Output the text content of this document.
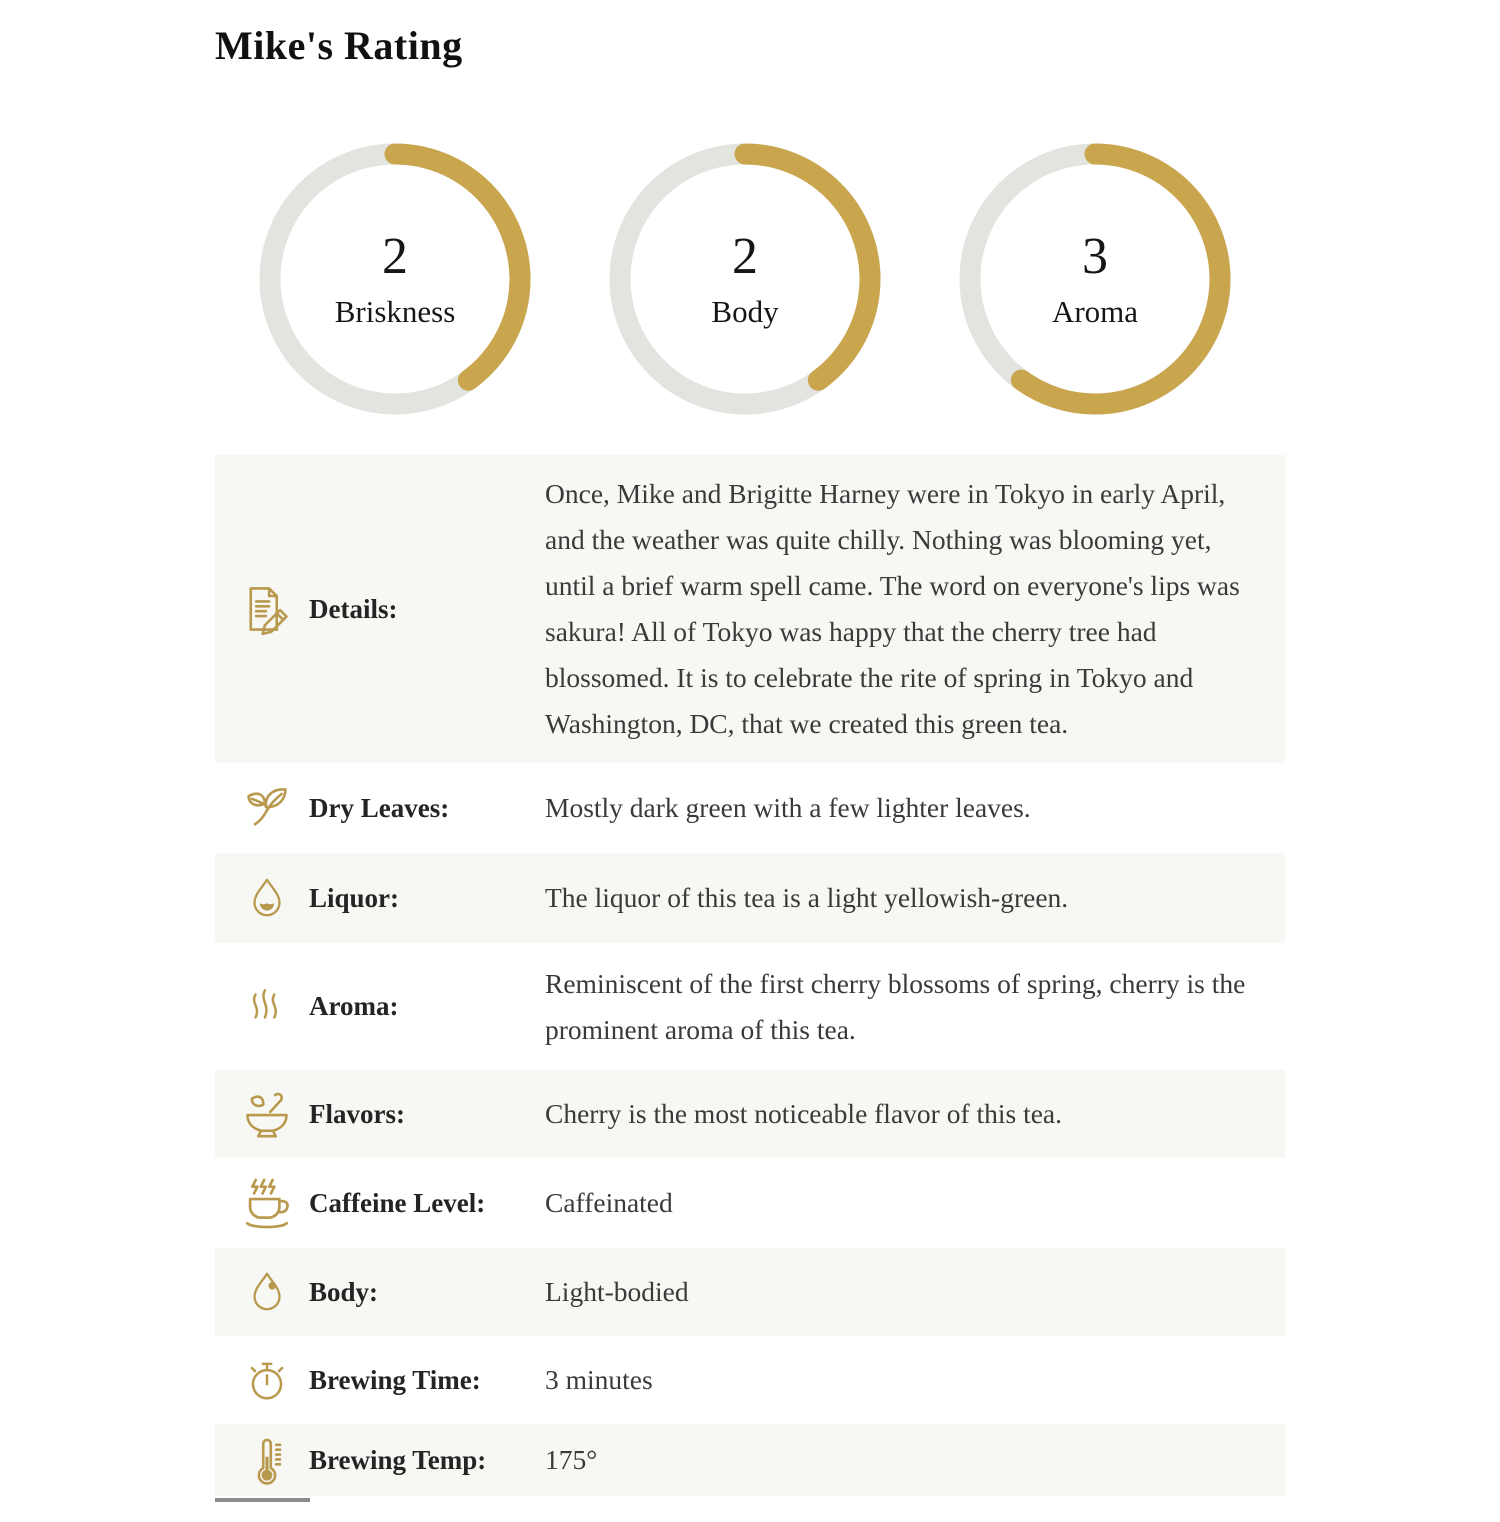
Mike's Rating
2
Briskness
2
Body
3
Aroma
Details:
Once, Mike and Brigitte Harney were in Tokyo in early April, and the weather was quite chilly. Nothing was blooming yet, until a brief warm spell came. The word on everyone's lips was sakura! All of Tokyo was happy that the cherry tree had blossomed. It is to celebrate the rite of spring in Tokyo and Washington, DC, that we created this green tea.
Dry Leaves:	Mostly dark green with a few lighter leaves.
Liquor:	The liquor of this tea is a light yellowish-green.
Aroma:
Reminiscent of the first cherry blossoms of spring, cherry is the prominent aroma of this tea.
Flavors:	Cherry is the most noticeable flavor of this tea.
Caffeine Level:	Caffeinated
Body:	Light-bodied
Brewing Time:	3 minutes
Brewing Temp:	175°
